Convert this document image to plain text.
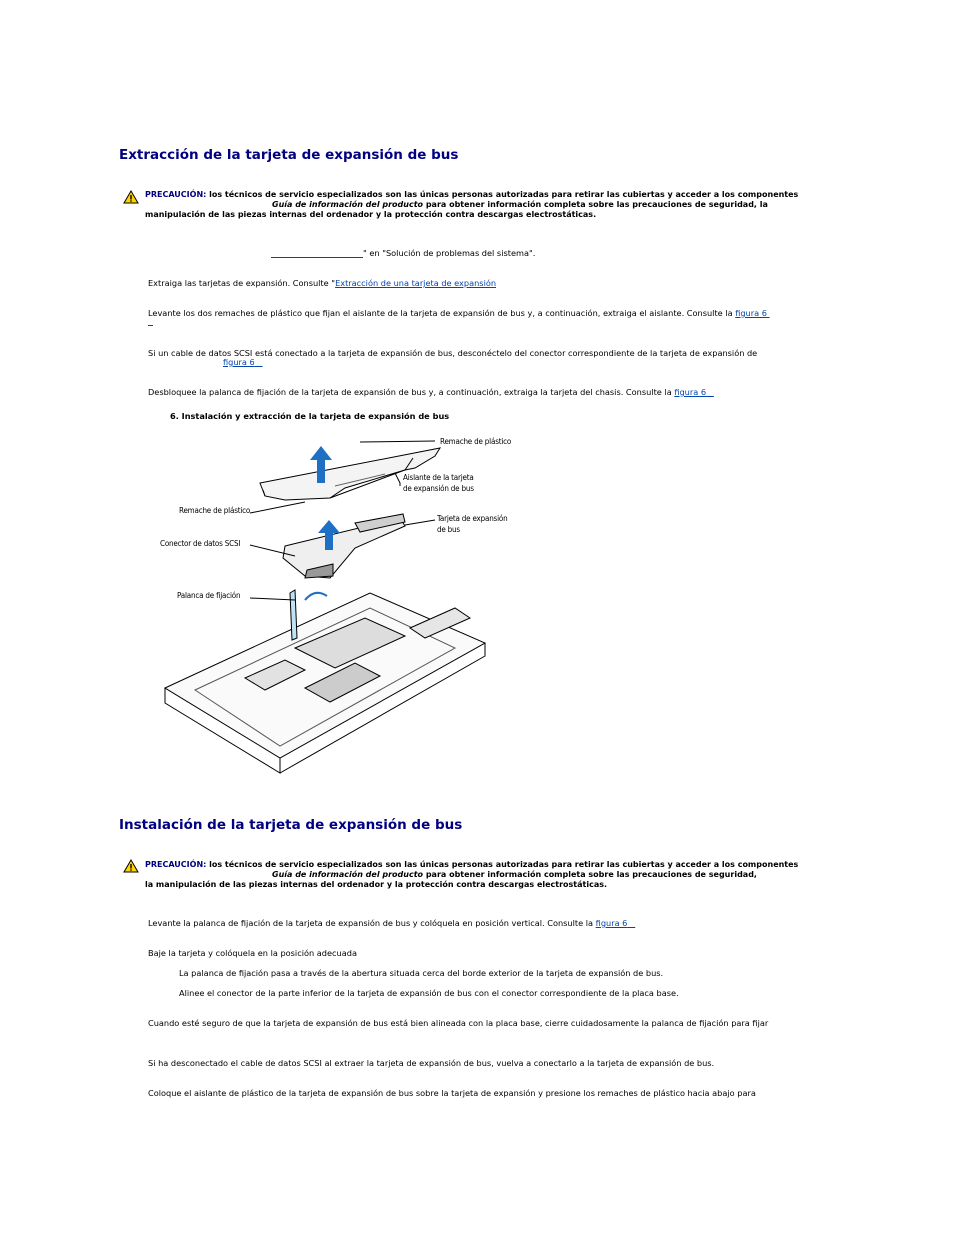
Extracción de la tarjeta de expansión de bus
PRECAUCIÓN: los técnicos de servicio especializados son las únicas personas autorizadas para retirar las cubiertas y acceder a los componentes
Guía de información del producto para obtener información completa sobre las precauciones de seguridad, la
manipulación de las piezas internas del ordenador y la protección contra descargas electrostáticas.
" en "Solución de problemas del sistema".
Extraiga las tarjetas de expansión. Consulte "Extracción de una tarjeta de expansión
Levante los dos remaches de plástico que fijan el aislante de la tarjeta de expansión de bus y, a continuación, extraiga el aislante. Consulte la figura 6
Si un cable de datos SCSI está conectado a la tarjeta de expansión de bus, desconéctelo del conector correspondiente de la tarjeta de expansión de
figura 6
Desbloquee la palanca de fijación de la tarjeta de expansión de bus y, a continuación, extraiga la tarjeta del chasis. Consulte la figura 6
6. Instalación y extracción de la tarjeta de expansión de bus
Remache de plástico
Aislante de la tarjeta
de expansión de bus
Remache de plástico
Tarjeta de expansión
de bus
Conector de datos SCSI
Palanca de fijación
Instalación de la tarjeta de expansión de bus
PRECAUCIÓN: los técnicos de servicio especializados son las únicas personas autorizadas para retirar las cubiertas y acceder a los componentes
Guía de información del producto para obtener información completa sobre las precauciones de seguridad,
la manipulación de las piezas internas del ordenador y la protección contra descargas electrostáticas.
Levante la palanca de fijación de la tarjeta de expansión de bus y colóquela en posición vertical. Consulte la figura 6
Baje la tarjeta y colóquela en la posición adecuada
La palanca de fijación pasa a través de la abertura situada cerca del borde exterior de la tarjeta de expansión de bus.
Alinee el conector de la parte inferior de la tarjeta de expansión de bus con el conector correspondiente de la placa base.
Cuando esté seguro de que la tarjeta de expansión de bus está bien alineada con la placa base, cierre cuidadosamente la palanca de fijación para fijar
Si ha desconectado el cable de datos SCSI al extraer la tarjeta de expansión de bus, vuelva a conectarlo a la tarjeta de expansión de bus.
Coloque el aislante de plástico de la tarjeta de expansión de bus sobre la tarjeta de expansión y presione los remaches de plástico hacia abajo para
